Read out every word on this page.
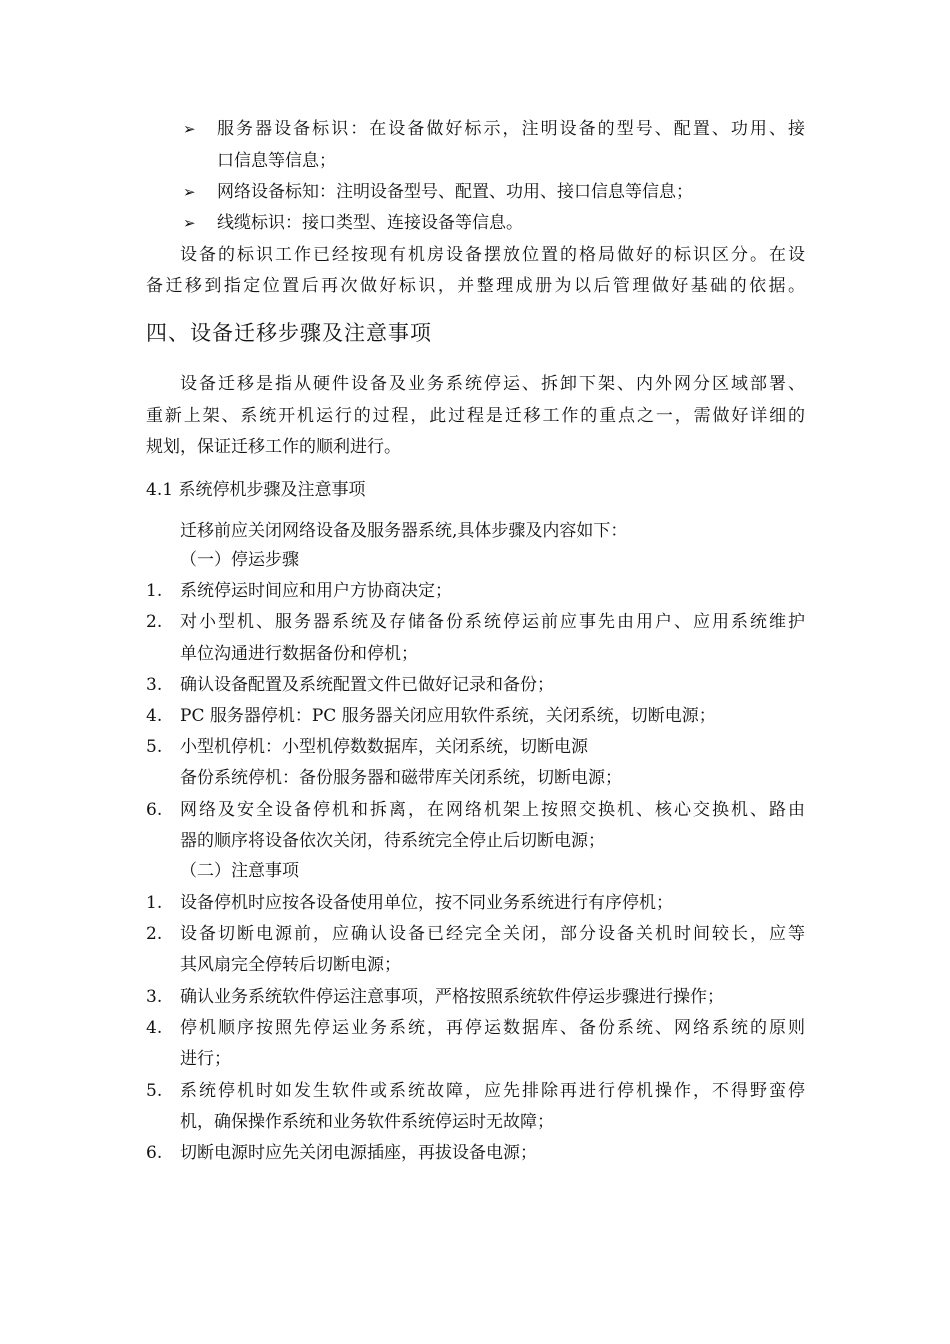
➢ 服务器设备标识：在设备做好标示，注明设备的型号、配置、功用、接
口信息等信息；
➢ 网络设备标知：注明设备型号、配置、功用、接口信息等信息；
➢ 线缆标识：接口类型、连接设备等信息。
设备的标识工作已经按现有机房设备摆放位置的格局做好的标识区分。在设
备迁移到指定位置后再次做好标识，并整理成册为以后管理做好基础的依据。
四、设备迁移步骤及注意事项
设备迁移是指从硬件设备及业务系统停运、拆卸下架、内外网分区域部署、
重新上架、系统开机运行的过程，此过程是迁移工作的重点之一，需做好详细的
规划，保证迁移工作的顺利进行。
4.1 系统停机步骤及注意事项
迁移前应关闭网络设备及服务器系统,具体步骤及内容如下：
（一）停运步骤
1. 系统停运时间应和用户方协商决定；
2. 对小型机、服务器系统及存储备份系统停运前应事先由用户、应用系统维护
单位沟通进行数据备份和停机；
3. 确认设备配置及系统配置文件已做好记录和备份；
4. PC 服务器停机：PC 服务器关闭应用软件系统，关闭系统，切断电源；
5. 小型机停机：小型机停数数据库，关闭系统，切断电源
备份系统停机：备份服务器和磁带库关闭系统，切断电源；
6. 网络及安全设备停机和拆离，在网络机架上按照交换机、核心交换机、路由
器的顺序将设备依次关闭，待系统完全停止后切断电源；
（二）注意事项
1. 设备停机时应按各设备使用单位，按不同业务系统进行有序停机；
2. 设备切断电源前，应确认设备已经完全关闭，部分设备关机时间较长，应等
其风扇完全停转后切断电源；
3. 确认业务系统软件停运注意事项，严格按照系统软件停运步骤进行操作；
4. 停机顺序按照先停运业务系统，再停运数据库、备份系统、网络系统的原则
进行；
5. 系统停机时如发生软件或系统故障，应先排除再进行停机操作，不得野蛮停
机，确保操作系统和业务软件系统停运时无故障；
6. 切断电源时应先关闭电源插座，再拔设备电源；
